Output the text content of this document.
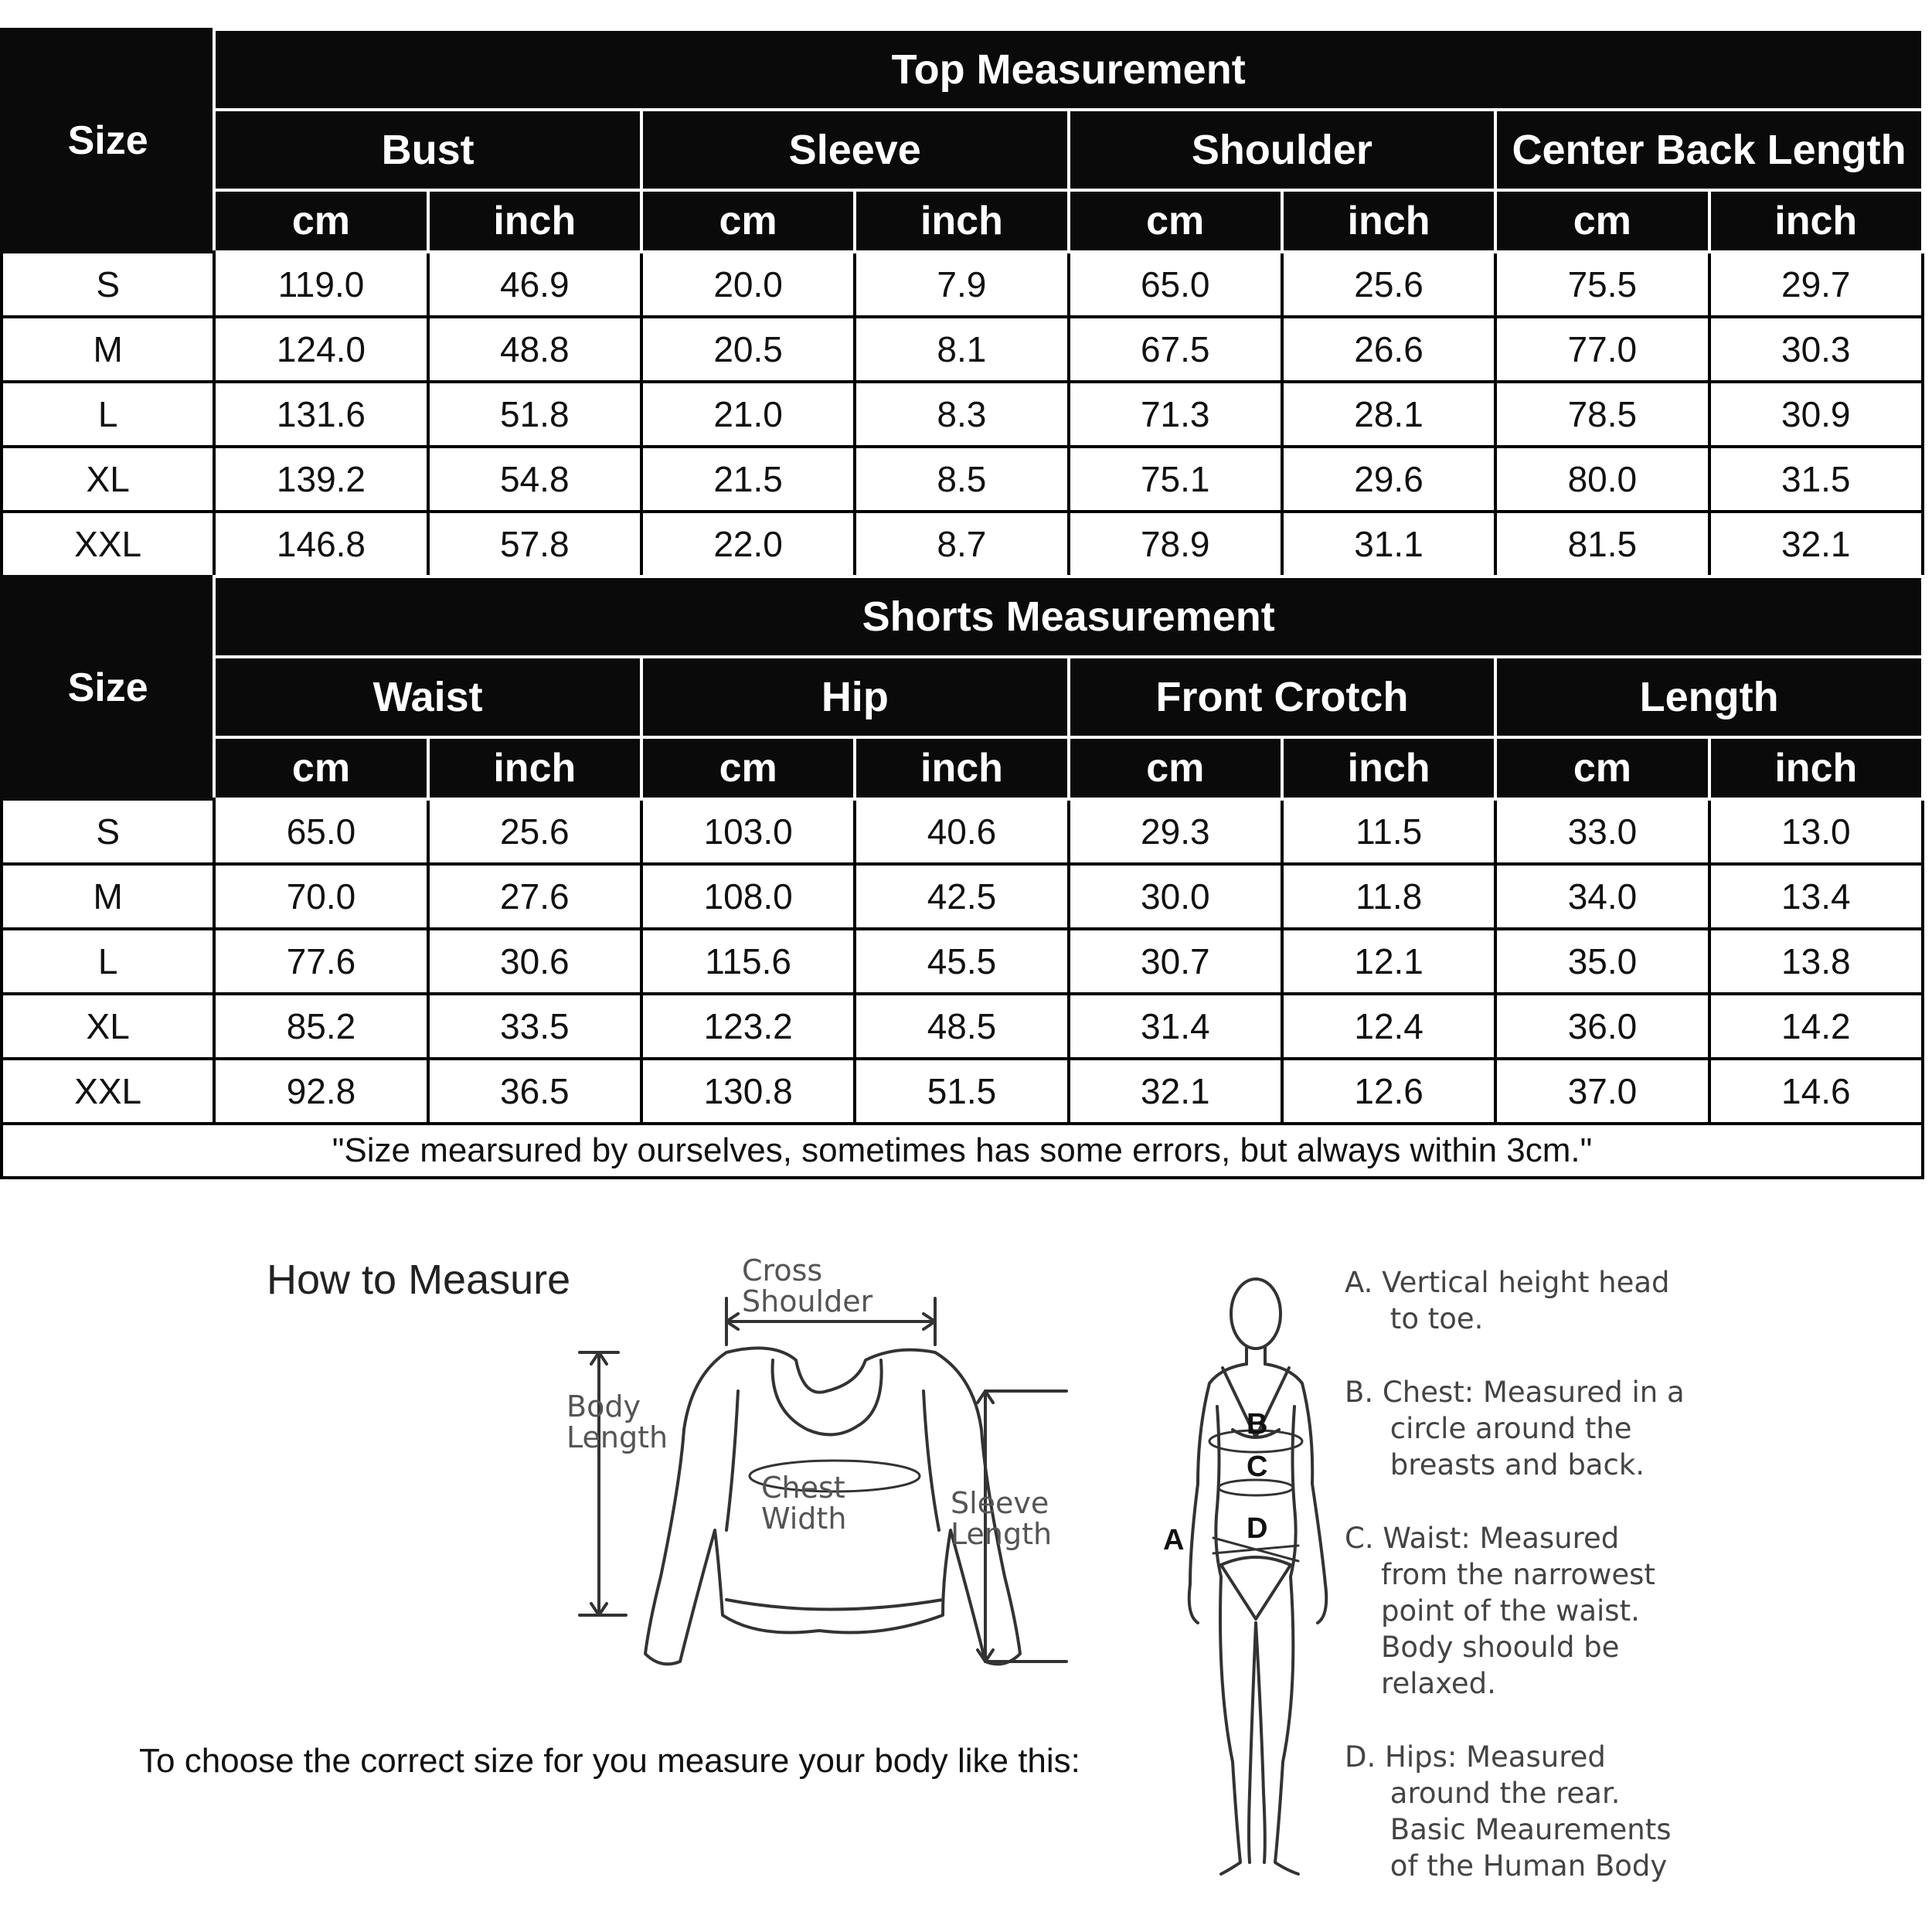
Size	Top Measurement							
	Bust		Sleeve		Shoulder		Center Back Length	
	cm	inch	cm	inch	cm	inch	cm	inch
S	119.0	46.9	20.0	7.9	65.0	25.6	75.5	29.7
M	124.0	48.8	20.5	8.1	67.5	26.6	77.0	30.3
L	131.6	51.8	21.0	8.3	71.3	28.1	78.5	30.9
XL	139.2	54.8	21.5	8.5	75.1	29.6	80.0	31.5
XXL	146.8	57.8	22.0	8.7	78.9	31.1	81.5	32.1
Size	Shorts Measurement							
	Waist		Hip		Front Crotch		Length	
	cm	inch	cm	inch	cm	inch	cm	inch
S	65.0	25.6	103.0	40.6	29.3	11.5	33.0	13.0
M	70.0	27.6	108.0	42.5	30.0	11.8	34.0	13.4
L	77.6	30.6	115.6	45.5	30.7	12.1	35.0	13.8
XL	85.2	33.5	123.2	48.5	31.4	12.4	36.0	14.2
XXL	92.8	36.5	130.8	51.5	32.1	12.6	37.0	14.6
"Size mearsured by ourselves, sometimes has some errors, but always within 3cm."								
How to Measure	Cross
Shoulder
Body
Length
Chest
Width	Sleeve
Length
To choose the correct size for you measure your body like this:
B
C
D
A
A. Vertical height head
to toe.
B. Chest: Measured in a
circle around the
breasts and back.
C. Waist: Measured
from the narrowest
point of the waist.
Body shoould be
relaxed.
D. Hips: Measured
around the rear.
Basic Meaurements
of the Human Body
